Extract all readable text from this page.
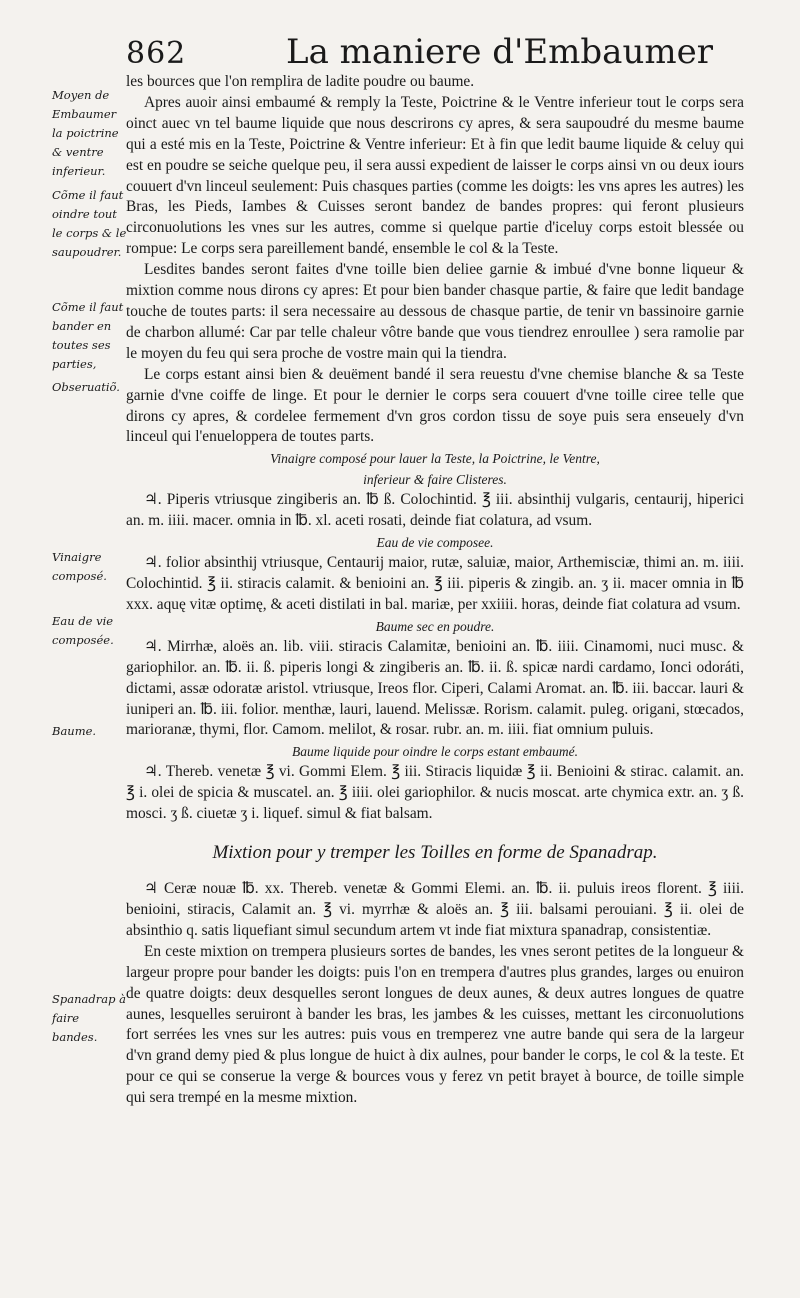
862	La maniere d'Embaumer
Moyen de Embaumer la poictrine & ventre inferieur.
Cõme il faut oindre tout le corps & le saupoudrer.
Cõme il faut bander en toutes ses parties,
Obseruatiõ.
Vinaigre composé.
Eau de vie composée.
Baume.
Spanadrap à faire bandes.

les bources que l'on remplira de ladite poudre ou baume.

Apres auoir ainsi embaumé & remply la Teste, Poictrine & le Ventre inferieur tout le corps sera oinct auec vn tel baume liquide que nous descrirons cy apres, & sera saupoudré du mesme baume qui a esté mis en la Teste, Poictrine & Ventre inferieur: Et à fin que ledit baume liquide & celuy qui est en poudre se seiche quelque peu, il sera aussi expedient de laisser le corps ainsi vn ou deux iours couuert d'vn linceul seulement: Puis chasques parties (comme les doigts: les vns apres les autres) les Bras, les Pieds, Iambes & Cuisses seront bandez de bandes propres: qui feront plusieurs circonuolutions les vnes sur les autres, comme si quelque partie d'iceluy corps estoit blessée ou rompue: Le corps sera pareillement bandé, ensemble le col & la Teste.

Lesdites bandes seront faites d'vne toille bien deliee garnie & imbué d'vne bonne liqueur & mixtion comme nous dirons cy apres: Et pour bien bander chasque partie, & faire que ledit bandage touche de toutes parts: il sera necessaire au dessous de chasque partie, de tenir vn bassinoire garnie de charbon allumé: Car par telle chaleur vôtre bande que vous tiendrez enroullee ) sera ramolie par le moyen du feu qui sera proche de vostre main qui la tiendra.

Le corps estant ainsi bien & deuëment bandé il sera reuestu d'vne chemise blanche & sa Teste garnie d'vne coiffe de linge. Et pour le dernier le corps sera couuert d'vne toille ciree telle que dirons cy apres, & cordelee fermement d'vn gros cordon tissu de soye puis sera enseuely d'vn linceul qui l'enueloppera de toutes parts.

Vinaigre composé pour lauer la Teste, la Poictrine, le Ventre,

inferieur & faire Clisteres.

♃. Piperis vtriusque zingiberis an. ℔ ß. Colochintid. ℥ iii. absinthij vulgaris, centaurij, hiperici an. m. iiii. macer. omnia in ℔. xl. aceti rosati, deinde fiat colatura, ad vsum.

Eau de vie composee.

♃. folior absinthij vtriusque, Centaurij maior, rutæ, saluiæ, maior, Arthemisciæ, thimi an. m. iiii. Colochintid. ℥ ii. stiracis calamit. & benioini an. ℥ iii. piperis & zingib. an. ʒ ii. macer omnia in ℔ xxx. aquę vitæ optimę, & aceti distilati in bal. mariæ, per xxiiii. horas, deinde fiat colatura ad vsum.

Baume sec en poudre.

♃. Mirrhæ, aloës an. lib. viii. stiracis Calamitæ, benioini an. ℔. iiii. Cinamomi, nuci musc. & gariophilor. an. ℔. ii. ß. piperis longi & zingiberis an. ℔. ii. ß. spicæ nardi cardamo, Ionci odoráti, dictami, assæ odoratæ aristol. vtriusque, Ireos flor. Ciperi, Calami Aromat. an. ℔. iii. baccar. lauri & iuniperi an. ℔. iii. folior. menthæ, lauri, lauend. Melissæ. Rorism. calamit. puleg. origani, stœcados, marioranæ, thymi, flor. Camom. melilot, & rosar. rubr. an. m. iiii. fiat omnium puluis.

Baume liquide pour oindre le corps estant embaumé.

♃. Thereb. venetæ ℥ vi. Gommi Elem. ℥ iii. Stiracis liquidæ ℥ ii. Benioini & stirac. calamit. an. ℥ i. olei de spicia & muscatel. an. ℥ iiii. olei gariophilor. & nucis moscat. arte chymica extr. an. ʒ ß. mosci. ʒ ß. ciuetæ ʒ i. liquef. simul & fiat balsam.

Mixtion pour y tremper les Toilles en forme de Spanadrap.

♃ Ceræ nouæ ℔. xx. Thereb. venetæ & Gommi Elemi. an. ℔. ii. puluis ireos florent. ℥ iiii. benioini, stiracis, Calamit an. ℥ vi. myrrhæ & aloës an. ℥ iii. balsami perouiani. ℥ ii. olei de absinthio q. satis liquefiant simul secundum artem vt inde fiat mixtura spanadrap, consistentiæ.

En ceste mixtion on trempera plusieurs sortes de bandes, les vnes seront petites de la longueur & largeur propre pour bander les doigts: puis l'on en trempera d'autres plus grandes, larges ou enuiron de quatre doigts: deux desquelles seront longues de deux aunes, & deux autres longues de quatre aunes, lesquelles seruiront à bander les bras, les jambes & les cuisses, mettant les circonuolutions fort serrées les vnes sur les autres: puis vous en tremperez vne autre bande qui sera de la largeur d'vn grand demy pied & plus longue de huict à dix aulnes, pour bander le corps, le col & la teste. Et pour ce qui se conserue la verge & bources vous y ferez vn petit brayet à bource, de toille simple qui sera trempé en la mesme mixtion.
